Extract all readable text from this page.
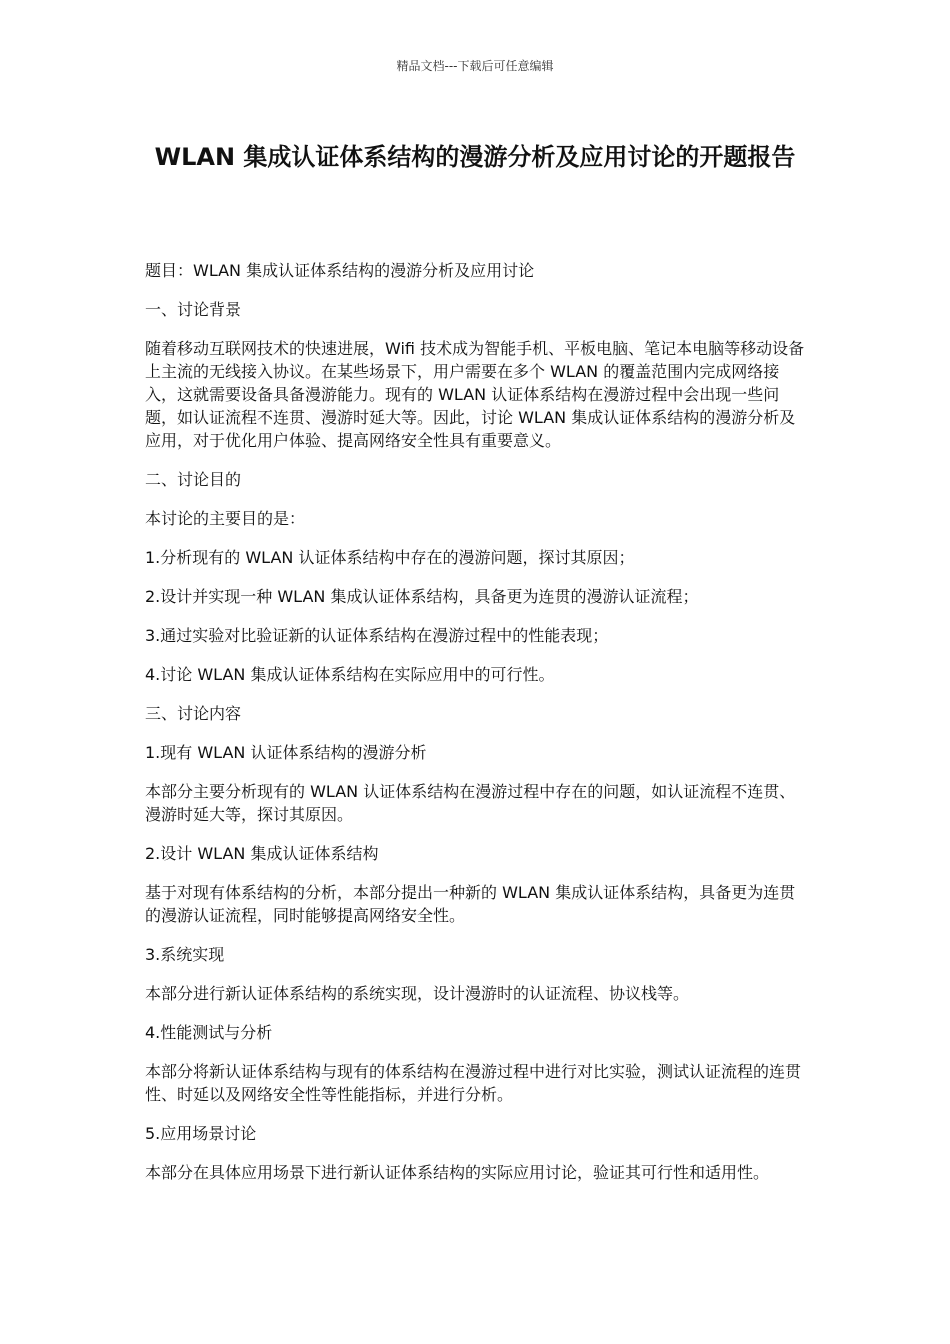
精品文档---下载后可任意编辑
WLAN 集成认证体系结构的漫游分析及应用讨论的开题报告

题目：WLAN 集成认证体系结构的漫游分析及应用讨论

一、讨论背景

随着移动互联网技术的快速进展，Wifi 技术成为智能手机、平板电脑、笔记本电脑等移动设备上主流的无线接入协议。在某些场景下，用户需要在多个 WLAN 的覆盖范围内完成网络接入，这就需要设备具备漫游能力。现有的 WLAN 认证体系结构在漫游过程中会出现一些问题，如认证流程不连贯、漫游时延大等。因此，讨论 WLAN 集成认证体系结构的漫游分析及应用，对于优化用户体验、提高网络安全性具有重要意义。

二、讨论目的

本讨论的主要目的是：

1.分析现有的 WLAN 认证体系结构中存在的漫游问题，探讨其原因；

2.设计并实现一种 WLAN 集成认证体系结构，具备更为连贯的漫游认证流程；

3.通过实验对比验证新的认证体系结构在漫游过程中的性能表现；

4.讨论 WLAN 集成认证体系结构在实际应用中的可行性。

三、讨论内容

1.现有 WLAN 认证体系结构的漫游分析

本部分主要分析现有的 WLAN 认证体系结构在漫游过程中存在的问题，如认证流程不连贯、漫游时延大等，探讨其原因。

2.设计 WLAN 集成认证体系结构

基于对现有体系结构的分析，本部分提出一种新的 WLAN 集成认证体系结构，具备更为连贯的漫游认证流程，同时能够提高网络安全性。

3.系统实现

本部分进行新认证体系结构的系统实现，设计漫游时的认证流程、协议栈等。

4.性能测试与分析

本部分将新认证体系结构与现有的体系结构在漫游过程中进行对比实验，测试认证流程的连贯性、时延以及网络安全性等性能指标，并进行分析。

5.应用场景讨论

本部分在具体应用场景下进行新认证体系结构的实际应用讨论，验证其可行性和适用性。
